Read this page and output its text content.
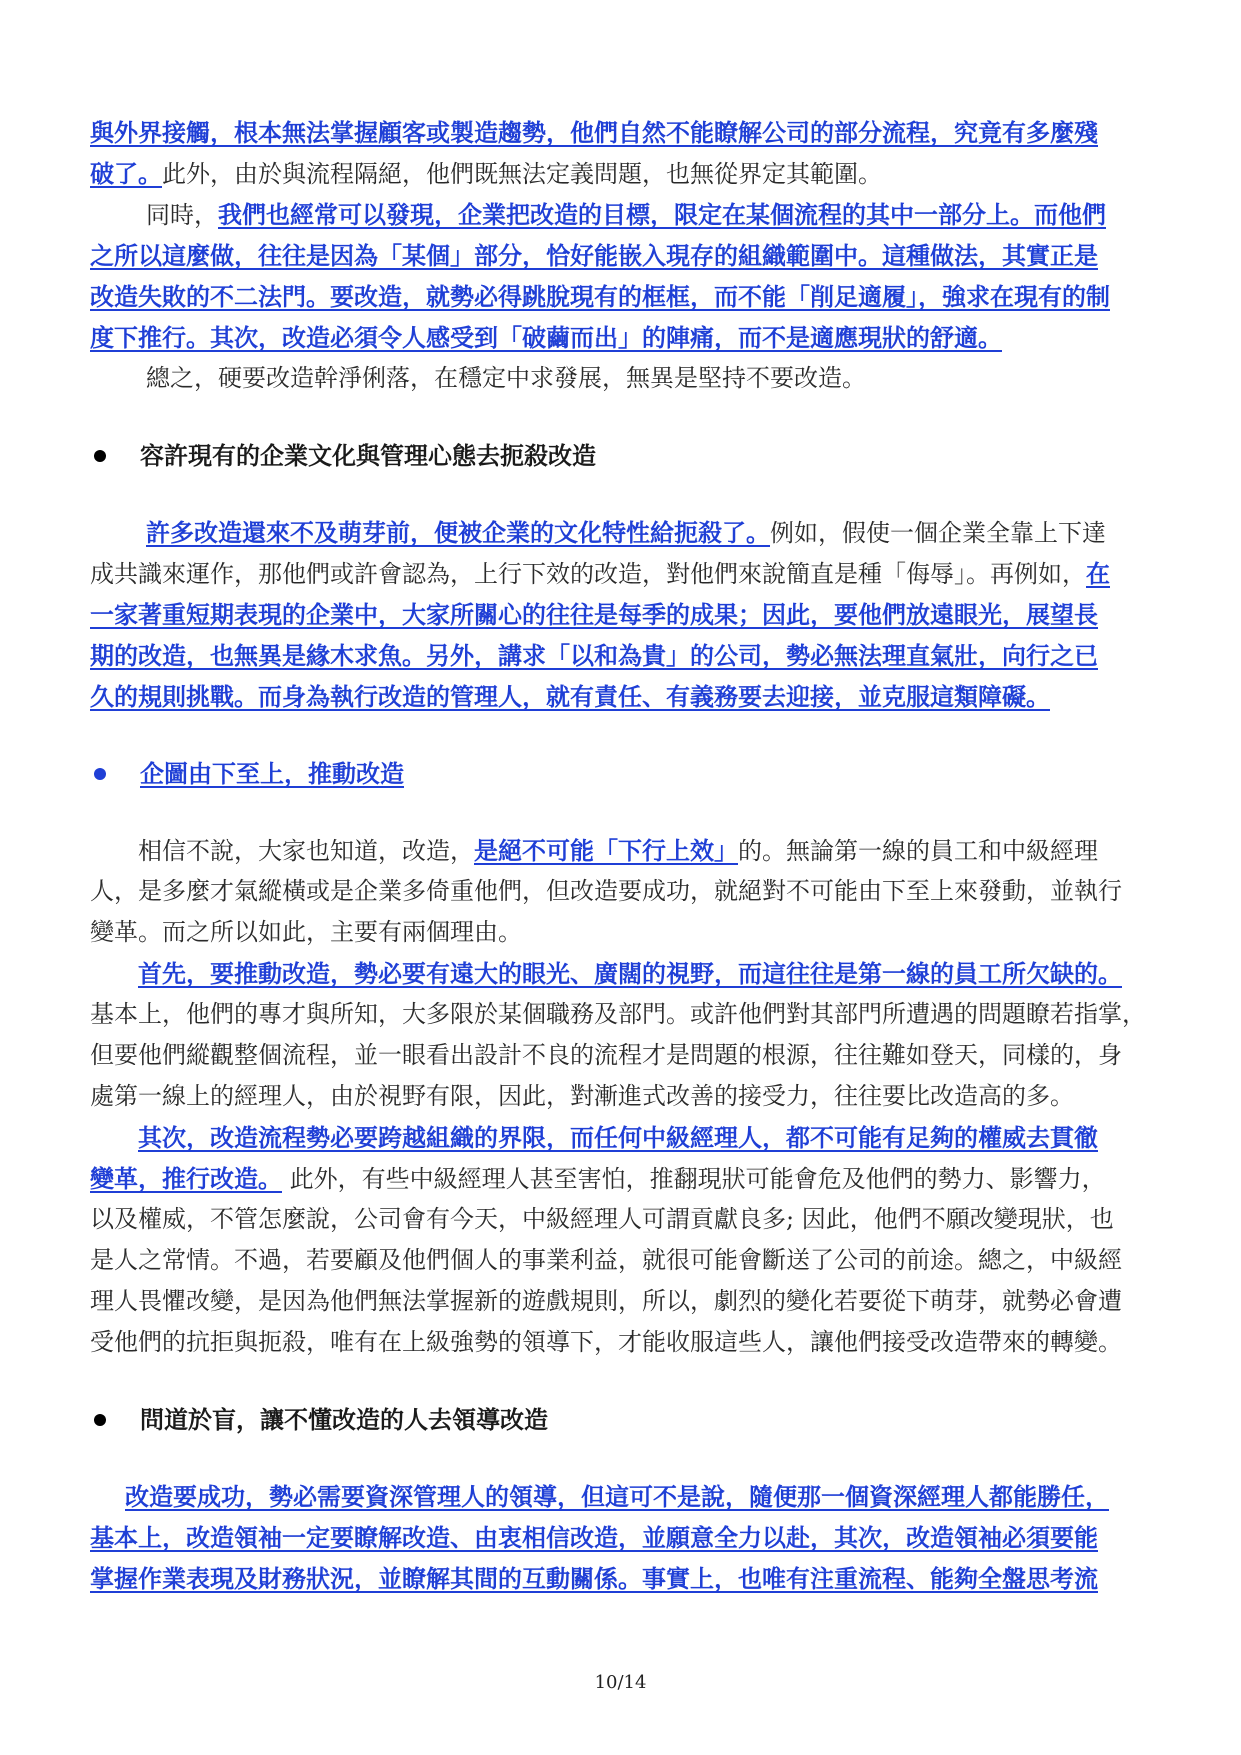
與外界接觸，根本無法掌握顧客或製造趨勢，他們自然不能瞭解公司的部分流程，究竟有多麼殘
破了。此外，由於與流程隔絕，他們既無法定義問題，也無從界定其範圍。
同時，我們也經常可以發現，企業把改造的目標，限定在某個流程的其中一部分上。而他們
之所以這麼做，往往是因為「某個」部分，恰好能嵌入現存的組織範圍中。這種做法，其實正是
改造失敗的不二法門。要改造，就勢必得跳脫現有的框框，而不能「削足適履」，強求在現有的制
度下推行。其次，改造必須令人感受到「破繭而出」的陣痛，而不是適應現狀的舒適。
總之，硬要改造幹淨俐落，在穩定中求發展，無異是堅持不要改造。
容許現有的企業文化與管理心態去扼殺改造
許多改造還來不及萌芽前，便被企業的文化特性給扼殺了。例如，假使一個企業全靠上下達
成共識來運作，那他們或許會認為，上行下效的改造，對他們來說簡直是種「侮辱」。再例如，在
一家著重短期表現的企業中，大家所關心的往往是每季的成果；因此，要他們放遠眼光，展望長
期的改造，也無異是緣木求魚。另外，講求「以和為貴」的公司，勢必無法理直氣壯，向行之已
久的規則挑戰。而身為執行改造的管理人，就有責任、有義務要去迎接，並克服這類障礙。
企圖由下至上，推動改造
相信不說，大家也知道，改造，是絕不可能「下行上效」的。無論第一線的員工和中級經理
人，是多麼才氣縱橫或是企業多倚重他們，但改造要成功，就絕對不可能由下至上來發動，並執行
變革。而之所以如此，主要有兩個理由。
首先，要推動改造，勢必要有遠大的眼光、廣闊的視野，而這往往是第一線的員工所欠缺的。
基本上，他們的專才與所知，大多限於某個職務及部門。或許他們對其部門所遭遇的問題瞭若指掌，
但要他們縱觀整個流程，並一眼看出設計不良的流程才是問題的根源，往往難如登天，同樣的，身
處第一線上的經理人，由於視野有限，因此，對漸進式改善的接受力，往往要比改造高的多。
其次，改造流程勢必要跨越組織的界限，而任何中級經理人，都不可能有足夠的權威去貫徹
變革，推行改造。 此外，有些中級經理人甚至害怕，推翻現狀可能會危及他們的勢力、影響力，
以及權威，不管怎麼說，公司會有今天，中級經理人可謂貢獻良多; 因此，他們不願改變現狀，也
是人之常情。不過，若要顧及他們個人的事業利益，就很可能會斷送了公司的前途。總之，中級經
理人畏懼改變，是因為他們無法掌握新的遊戲規則，所以，劇烈的變化若要從下萌芽，就勢必會遭
受他們的抗拒與扼殺，唯有在上級強勢的領導下，才能收服這些人，讓他們接受改造帶來的轉變。
問道於盲，讓不懂改造的人去領導改造
改造要成功，勢必需要資深管理人的領導，但這可不是說，隨便那一個資深經理人都能勝任，
基本上，改造領袖一定要瞭解改造、由衷相信改造，並願意全力以赴，其次，改造領袖必須要能
掌握作業表現及財務狀況，並瞭解其間的互動關係。事實上，也唯有注重流程、能夠全盤思考流
10/14
